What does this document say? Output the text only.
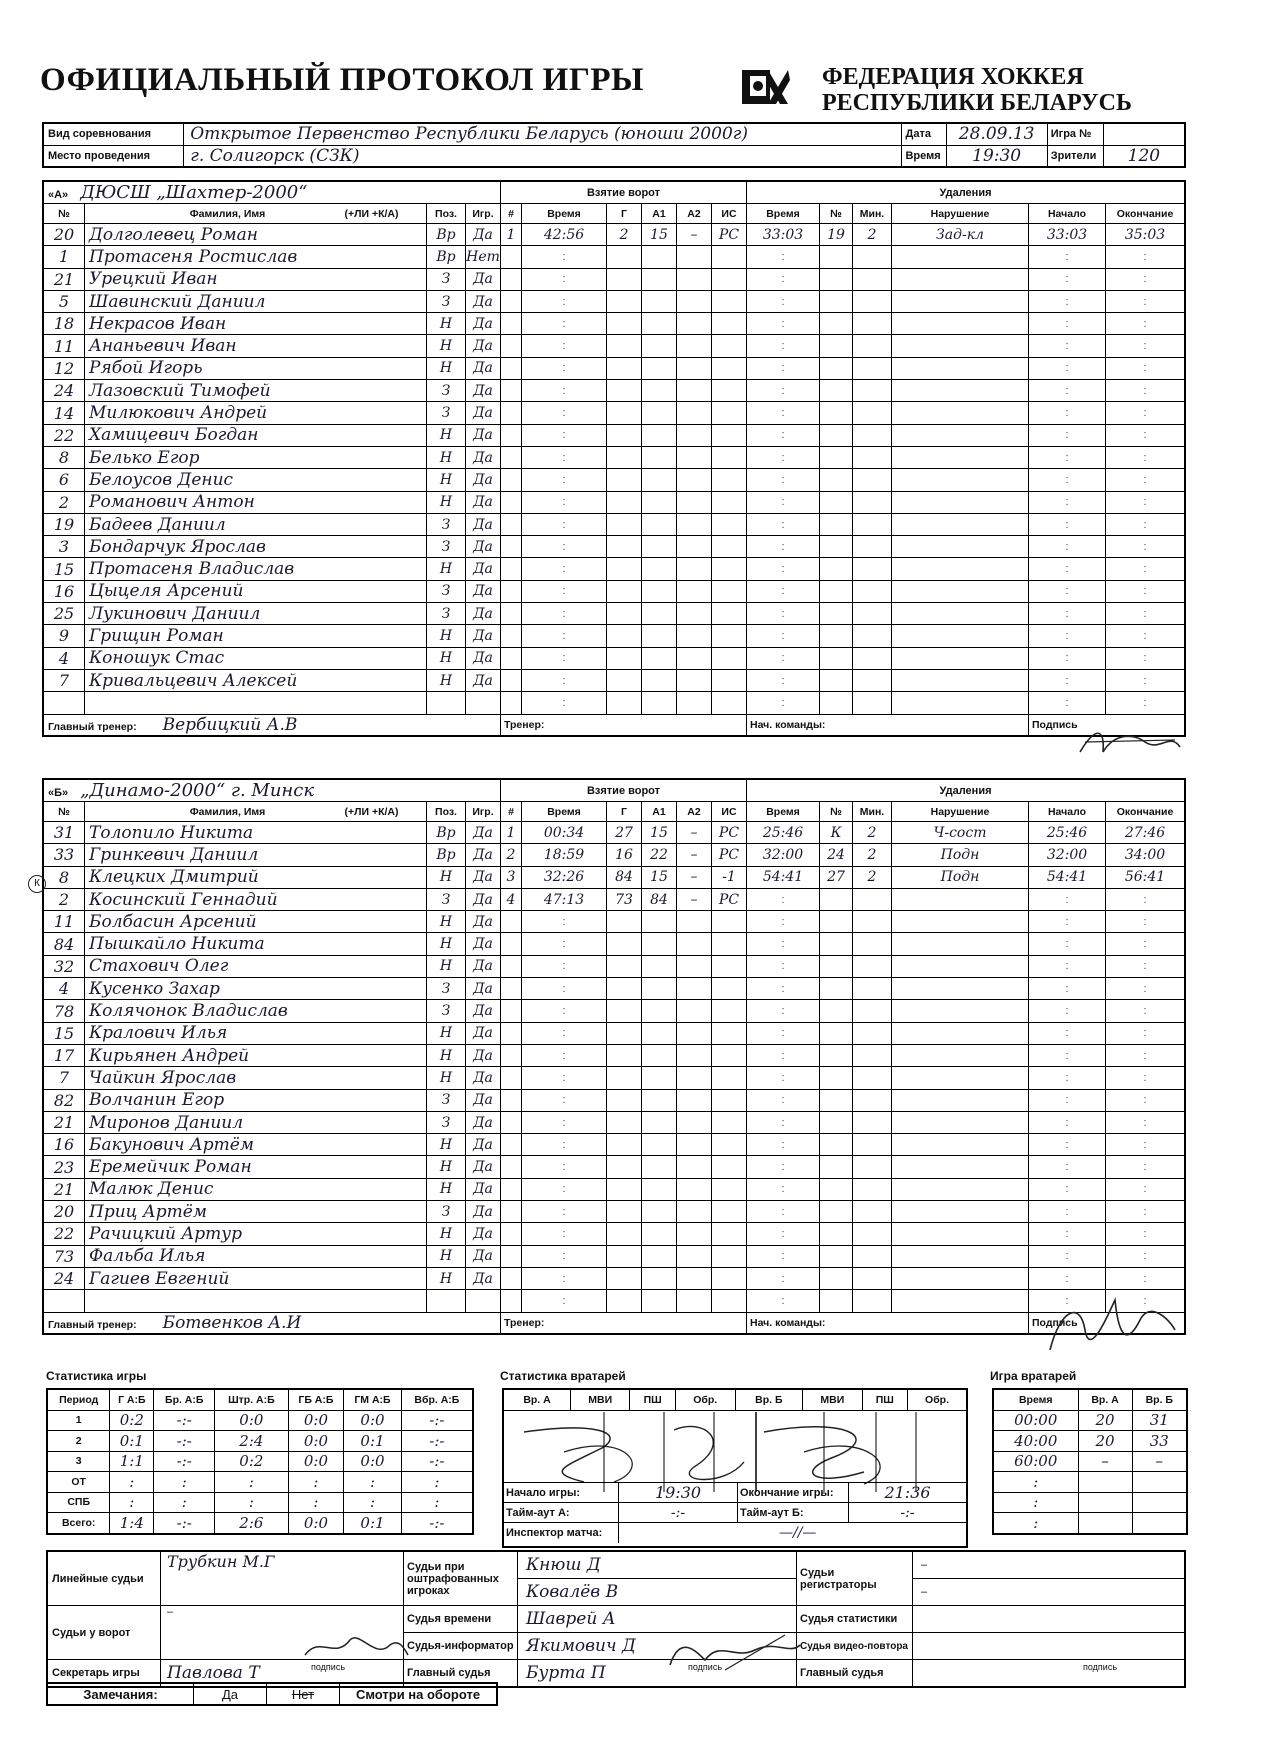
ОФИЦИАЛЬНЫЙ ПРОТОКОЛ ИГРЫ	ФЕДЕРАЦИЯ ХОККЕЯ
РЕСПУБЛИКИ БЕЛАРУСЬ
Вид соревнования	Открытое Первенство Республики Беларусь (юноши 2000г)	Дата	28.09.13	Игра №	
Место проведения	г. Солигорск (СЗК)	Время	19:30	Зрители	120
«А» ДЮСШ „Шахтер-2000“				Взятие ворот						Удаления					
№	Фамилия, Имя (+ЛИ +К/А)	Поз.	Игр.	#	Время	Г	А1	А2	ИС	Время	№	Мин.	Нарушение	Начало	Окончание
20	Долголевец Роман	Вр	Да	1	42:56	2	15	–	РС	33:03	19	2	Зад-кл	33:03	35:03
1	Протасеня Ростислав	Вр	Нет		:					:				:	:
21	Урецкий Иван	З	Да		:					:				:	:
5	Шавинский Даниил	З	Да		:					:				:	:
18	Некрасов Иван	Н	Да		:					:				:	:
11	Ананьевич Иван	Н	Да		:					:				:	:
12	Рябой Игорь	Н	Да		:					:				:	:
24	Лазовский Тимофей	З	Да		:					:				:	:
14	Милюкович Андрей	З	Да		:					:				:	:
22	Хамицевич Богдан	Н	Да		:					:				:	:
8	Белько Егор	Н	Да		:					:				:	:
6	Белоусов Денис	Н	Да		:					:				:	:
2	Романович Антон	Н	Да		:					:				:	:
19	Бадеев Даниил	З	Да		:					:				:	:
3	Бондарчук Ярослав	З	Да		:					:				:	:
15	Протасеня Владислав	Н	Да		:					:				:	:
16	Цыцеля Арсений	З	Да		:					:				:	:
25	Лукинович Даниил	З	Да		:					:				:	:
9	Грищин Роман	Н	Да		:					:				:	:
4	Коношук Стас	Н	Да		:					:				:	:
7	Кривальцевич Алексей	Н	Да		:					:				:	:
					:					:				:	:
Главный тренер: Вербицкий А.В				Тренер:						Нач. команды:				Подпись	
«Б» „Динамо-2000“ г. Минск				Взятие ворот						Удаления					
№	Фамилия, Имя (+ЛИ +К/А)	Поз.	Игр.	#	Время	Г	А1	А2	ИС	Время	№	Мин.	Нарушение	Начало	Окончание
31	Толопило Никита	Вр	Да	1	00:34	27	15	–	РС	25:46	К	2	Ч-сост	25:46	27:46
33	Гринкевич Даниил	Вр	Да	2	18:59	16	22	–	РС	32:00	24	2	Подн	32:00	34:00
8	Клецких Дмитрий	Н	Да	3	32:26	84	15	–	-1	54:41	27	2	Подн	54:41	56:41
2	Косинский Геннадий	З	Да	4	47:13	73	84	–	РС	:				:	:
11	Болбасин Арсений	Н	Да		:					:				:	:
84	Пышкайло Никита	Н	Да		:					:				:	:
32	Стахович Олег	Н	Да		:					:				:	:
4	Кусенко Захар	З	Да		:					:				:	:
78	Колячонок Владислав	З	Да		:					:				:	:
15	Кралович Илья	Н	Да		:					:				:	:
17	Кирьянен Андрей	Н	Да		:					:				:	:
7	Чайкин Ярослав	Н	Да		:					:				:	:
82	Волчанин Егор	З	Да		:					:				:	:
21	Миронов Даниил	З	Да		:					:				:	:
16	Бакунович Артём	Н	Да		:					:				:	:
23	Еремейчик Роман	Н	Да		:					:				:	:
21	Малюк Денис	Н	Да		:					:				:	:
20	Приц Артём	З	Да		:					:				:	:
22	Рачицкий Артур	Н	Да		:					:				:	:
73	Фальба Илья	Н	Да		:					:				:	:
24	Гагиев Евгений	Н	Да		:					:				:	:
					:					:				:	:
Главный тренер: Ботвенков А.И				Тренер:						Нач. команды:				Подпись	
Статистика игры
Период	Г А:Б	Бр. А:Б	Штр. А:Б	ГБ А:Б	ГМ А:Б	Вбр. А:Б
1	0:2	-:-	0:0	0:0	0:0	-:-
2	0:1	-:-	2:4	0:0	0:1	-:-
3	1:1	-:-	0:2	0:0	0:0	-:-
ОТ	:	:	:	:	:	:
СПБ	:	:	:	:	:	:
Всего:	1:4	-:-	2:6	0:0	0:1	-:-
Статистика вратарей
Вр. А	МВИ	ПШ	Обр.	Вр. Б	МВИ	ПШ	Обр.
Начало игры:	19:30	Окончание игры:	21:36
Тайм-аут А:	-:-	Тайм-аут Б:	-:-
Инспектор матча:	—//—		
Игра вратарей
Время	Вр. А	Вр. Б
00:00	20	31
40:00	20	33
60:00	–	–
:		
:		
:		
Линейные судьи	Трубкин М.Г	Судьи при оштрафованных игроках	Кнюш Д	Судьи регистраторы	–
			Ковалёв В		–
Судьи у ворот	–	Судья времени	Шаврей А	Судья статистики	
		Судья-информатор	Якимович Д	Судья видео-повтора	
Секретарь игры	Павлова Т подпись	Главный судья	Бурта П подпись	Главный судья	подпись
Замечания:	Да	Нет	Смотри на обороте
К
